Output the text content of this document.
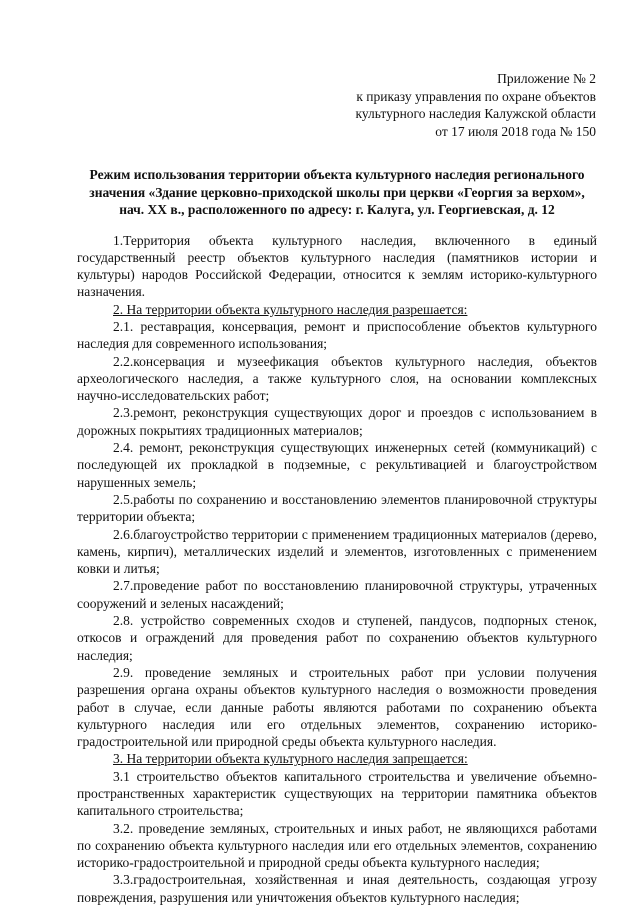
Приложение № 2
к приказу управления по охране объектов
культурного наследия Калужской области
от 17 июля 2018 года № 150
Режим использования территории объекта культурного наследия регионального
значения «Здание церковно-приходской школы при церкви «Георгия за верхом»,
нач. XX в., расположенного по адресу: г. Калуга, ул. Георгиевская, д. 12

1.Территория объекта культурного наследия, включенного в единый государственный реестр объектов культурного наследия (памятников истории и культуры) народов Российской Федерации, относится к землям историко-культурного назначения.

2. На территории объекта культурного наследия разрешается:

2.1. реставрация, консервация, ремонт и приспособление объектов культурного наследия для современного использования;

2.2.консервация и музеефикация объектов культурного наследия, объектов археологического наследия, а также культурного слоя, на основании комплексных научно-исследовательских работ;

2.3.ремонт, реконструкция существующих дорог и проездов с использованием в дорожных покрытиях традиционных материалов;

2.4. ремонт, реконструкция существующих инженерных сетей (коммуникаций) с последующей их прокладкой в подземные, с рекультивацией и благоустройством нарушенных земель;

2.5.работы по сохранению и восстановлению элементов планировочной структуры территории объекта;

2.6.благоустройство территории с применением традиционных материалов (дерево, камень, кирпич), металлических изделий и элементов, изготовленных с применением ковки и литья;

2.7.проведение работ по восстановлению планировочной структуры, утраченных сооружений и зеленых насаждений;

2.8. устройство современных сходов и ступеней, пандусов, подпорных стенок, откосов и ограждений для проведения работ по сохранению объектов культурного наследия;

2.9. проведение земляных и строительных работ при условии получения разрешения органа охраны объектов культурного наследия о возможности проведения работ в случае, если данные работы являются работами по сохранению объекта культурного наследия или его отдельных элементов, сохранению историко-градостроительной или природной среды объекта культурного наследия.

3. На территории объекта культурного наследия запрещается:

3.1 строительство объектов капитального строительства и увеличение объемно-пространственных характеристик существующих на территории памятника объектов капитального строительства;

3.2. проведение земляных, строительных и иных работ, не являющихся работами по сохранению объекта культурного наследия или его отдельных элементов, сохранению историко-градостроительной и природной среды объекта культурного наследия;

3.3.градостроительная, хозяйственная и иная деятельность, создающая угрозу повреждения, разрушения или уничтожения объектов культурного наследия;
